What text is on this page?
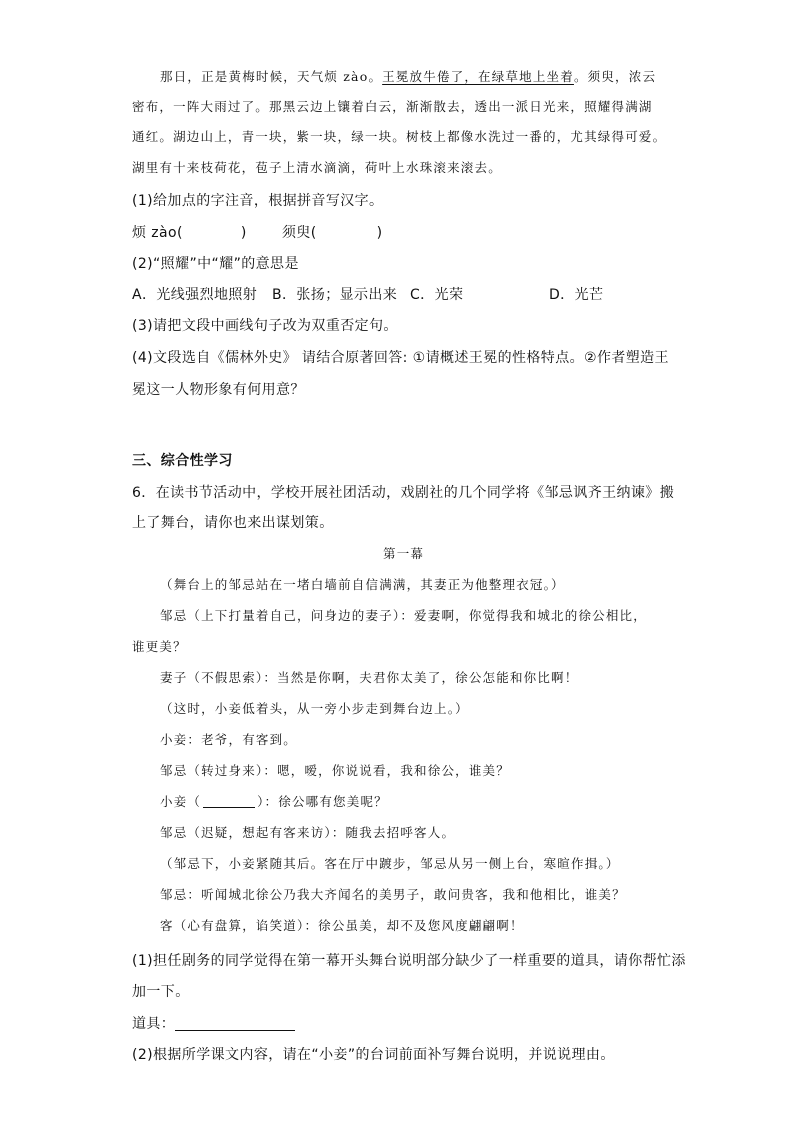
那日，正是黄梅时候，天气烦 zào。王冕放牛倦了，在绿草地上坐着。须臾，浓云
密布，一阵大雨过了。那黑云边上镶着白云，渐渐散去，透出一派日光来，照耀得满湖
通红。湖边山上，青一块，紫一块，绿一块。树枝上都像水洗过一番的，尤其绿得可爱。
湖里有十来枝荷花，苞子上清水滴滴，荷叶上水珠滚来滚去。
(1)给加点的字注音，根据拼音写汉字。
烦 zào(	)	须臾(	)
(2)“照耀”中“耀”的意思是
A．光线强烈地照射 B．张扬；显示出来 C．光荣	D．光芒
(3)请把文段中画线句子改为双重否定句。
(4)文段选自《儒林外史》 请结合原著回答: ①请概述王冕的性格特点。②作者塑造王
冕这一人物形象有何用意？
三、综合性学习
6．在读书节活动中，学校开展社团活动，戏剧社的几个同学将《邹忌讽齐王纳谏》搬
上了舞台，请你也来出谋划策。
第一幕
（舞台上的邹忌站在一堵白墙前自信满满，其妻正为他整理衣冠。）
邹忌（上下打量着自己，问身边的妻子）：爱妻啊，你觉得我和城北的徐公相比，
谁更美？
妻子（不假思索）：当然是你啊，夫君你太美了，徐公怎能和你比啊！
（这时，小妾低着头，从一旁小步走到舞台边上。）
小妾：老爷，有客到。
邹忌（转过身来）：嗯，嗳，你说说看，我和徐公，谁美？
小妾（	）：徐公哪有您美呢？
邹忌（迟疑，想起有客来访）：随我去招呼客人。
（邹忌下，小妾紧随其后。客在厅中踱步，邹忌从另一侧上台，寒暄作揖。）
邹忌：听闻城北徐公乃我大齐闻名的美男子，敢问贵客，我和他相比，谁美？
客（心有盘算，谄笑道）：徐公虽美，却不及您风度翩翩啊！
(1)担任剧务的同学觉得在第一幕开头舞台说明部分缺少了一样重要的道具，请你帮忙添
加一下。
道具：
(2)根据所学课文内容，请在“小妾”的台词前面补写舞台说明，并说说理由。
